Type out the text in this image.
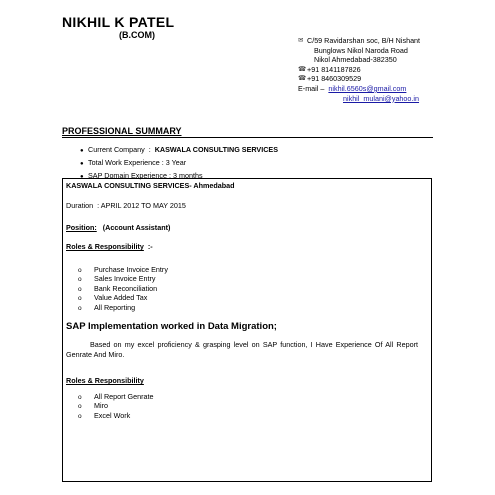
NIKHIL K PATEL
(B.COM)
✉ C/59 Ravidarshan soc, B/H Nishant
Bunglows Nikol Naroda Road
Nikol Ahmedabad-382350
☎ +91 8141187826
☎ +91 8460309529
E-mail –
nikhil.6560s@gmail.com
nikhil_mulani@yahoo.in
PROFESSIONAL SUMMARY
● Current Company : KASWALA CONSULTING SERVICES
● Total Work Experience : 3 Year
● SAP Domain Experience : 3 months
KASWALA CONSULTING SERVICES- Ahmedabad
Duration : APRIL 2012 TO MAY 2015
Position: (Account Assistant)
Roles & Responsibility :-
o Purchase Invoice Entry
o Sales Invoice Entry
o Bank Reconciliation
o Value Added Tax
o All Reporting
SAP Implementation worked in Data Migration;
Based on my excel proficiency & grasping level on SAP function, I Have Experience Of All Report Genrate And Miro.
Roles & Responsibility
o All Report Genrate
o Miro
o Excel Work
